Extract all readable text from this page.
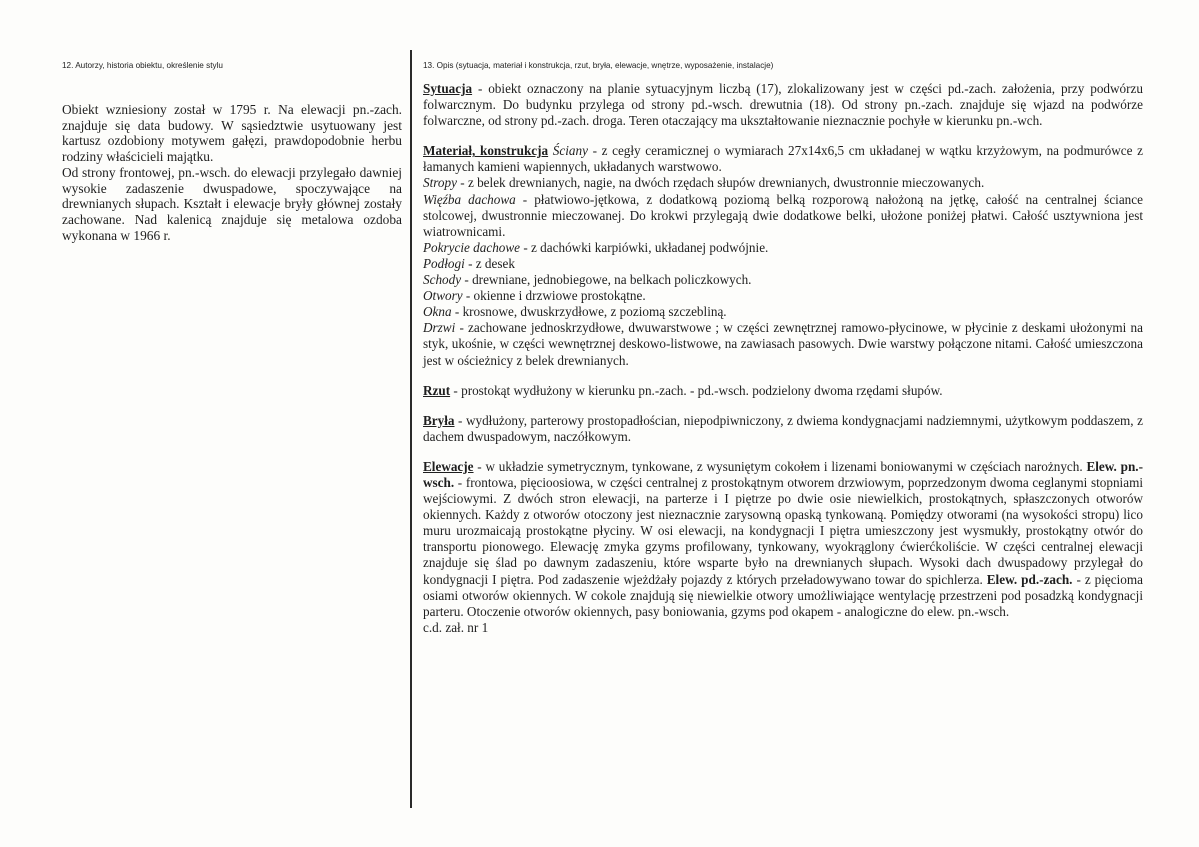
12. Autorzy, historia obiektu, określenie stylu

Obiekt wzniesiony został w 1795 r. Na elewacji pn.-zach. znajduje się data budowy. W sąsiedztwie usytuowany jest kartusz ozdobiony motywem gałęzi, prawdopodobnie herbu rodziny właścicieli majątku.

Od strony frontowej, pn.-wsch. do elewacji przylegało dawniej wysokie zadaszenie dwuspadowe, spoczywające na drewnianych słupach. Kształt i elewacje bryły głównej zostały zachowane. Nad kalenicą znajduje się metalowa ozdoba wykonana w 1966 r.

13. Opis (sytuacja, materiał i konstrukcja, rzut, bryła, elewacje, wnętrze, wyposażenie, instalacje)

Sytuacja - obiekt oznaczony na planie sytuacyjnym liczbą (17), zlokalizowany jest w części pd.-zach. założenia, przy podwórzu folwarcznym. Do budynku przylega od strony pd.-wsch. drewutnia (18). Od strony pn.-zach. znajduje się wjazd na podwórze folwarczne, od strony pd.-zach. droga. Teren otaczający ma ukształtowanie nieznacznie pochyłe w kierunku pn.-wch.

Materiał, konstrukcja Ściany - z cegły ceramicznej o wymiarach 27x14x6,5 cm układanej w wątku krzyżowym, na podmurówce z łamanych kamieni wapiennych, układanych warstwowo.

Stropy - z belek drewnianych, nagie, na dwóch rzędach słupów drewnianych, dwustronnie mieczowanych.

Więźba dachowa - płatwiowo-jętkowa, z dodatkową poziomą belką rozporową nałożoną na jętkę, całość na centralnej ściance stolcowej, dwustronnie mieczowanej. Do krokwi przylegają dwie dodatkowe belki, ułożone poniżej płatwi. Całość usztywniona jest wiatrownicami.

Pokrycie dachowe - z dachówki karpiówki, układanej podwójnie.

Podłogi - z desek

Schody - drewniane, jednobiegowe, na belkach policzkowych.

Otwory - okienne i drzwiowe prostokątne.

Okna - krosnowe, dwuskrzydłowe, z poziomą szczebliną.

Drzwi - zachowane jednoskrzydłowe, dwuwarstwowe ; w części zewnętrznej ramowo-płycinowe, w płycinie z deskami ułożonymi na styk, ukośnie, w części wewnętrznej deskowo-listwowe, na zawiasach pasowych. Dwie warstwy połączone nitami. Całość umieszczona jest w ościeżnicy z belek drewnianych.

Rzut - prostokąt wydłużony w kierunku pn.-zach. - pd.-wsch. podzielony dwoma rzędami słupów.

Bryła - wydłużony, parterowy prostopadłościan, niepodpiwniczony, z dwiema kondygnacjami nadziemnymi, użytkowym poddaszem, z dachem dwuspadowym, naczółkowym.

Elewacje - w układzie symetrycznym, tynkowane, z wysuniętym cokołem i lizenami boniowanymi w częściach narożnych. Elew. pn.-wsch. - frontowa, pięcioosiowa, w części centralnej z prostokątnym otworem drzwiowym, poprzedzonym dwoma ceglanymi stopniami wejściowymi. Z dwóch stron elewacji, na parterze i I piętrze po dwie osie niewielkich, prostokątnych, spłaszczonych otworów okiennych. Każdy z otworów otoczony jest nieznacznie zarysowną opaską tynkowaną. Pomiędzy otworami (na wysokości stropu) lico muru urozmaicają prostokątne płyciny. W osi elewacji, na kondygnacji I piętra umieszczony jest wysmukły, prostokątny otwór do transportu pionowego. Elewację zmyka gzyms profilowany, tynkowany, wyokrąglony ćwierćkoliście. W części centralnej elewacji znajduje się ślad po dawnym zadaszeniu, które wsparte było na drewnianych słupach. Wysoki dach dwuspadowy przylegał do kondygnacji I piętra. Pod zadaszenie wjeżdżały pojazdy z których przeładowywano towar do spichlerza. Elew. pd.-zach. - z pięcioma osiami otworów okiennych. W cokole znajdują się niewielkie otwory umożliwiające wentylację przestrzeni pod posadzką kondygnacji parteru. Otoczenie otworów okiennych, pasy boniowania, gzyms pod okapem - analogiczne do elew. pn.-wsch.

c.d. zał. nr 1
